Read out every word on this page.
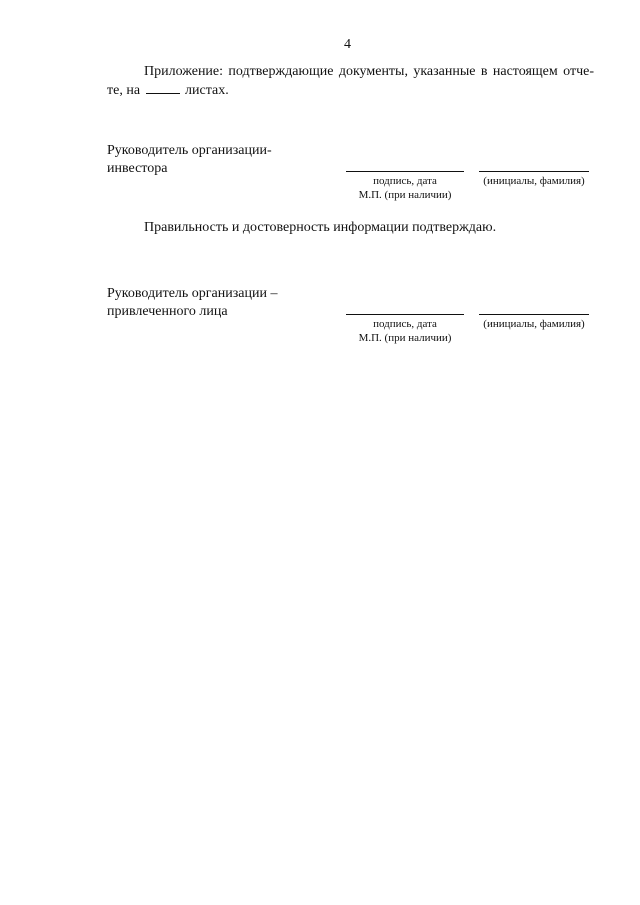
4
Приложение: подтверждающие документы, указанные в настоящем отче-те, на	листах.
Руководитель организации-
инвестора
подпись, дата	(инициалы, фамилия)
М.П. (при наличии)
Правильность и достоверность информации подтверждаю.
Руководитель организации –
привлеченного лица
подпись, дата	(инициалы, фамилия)
М.П. (при наличии)
